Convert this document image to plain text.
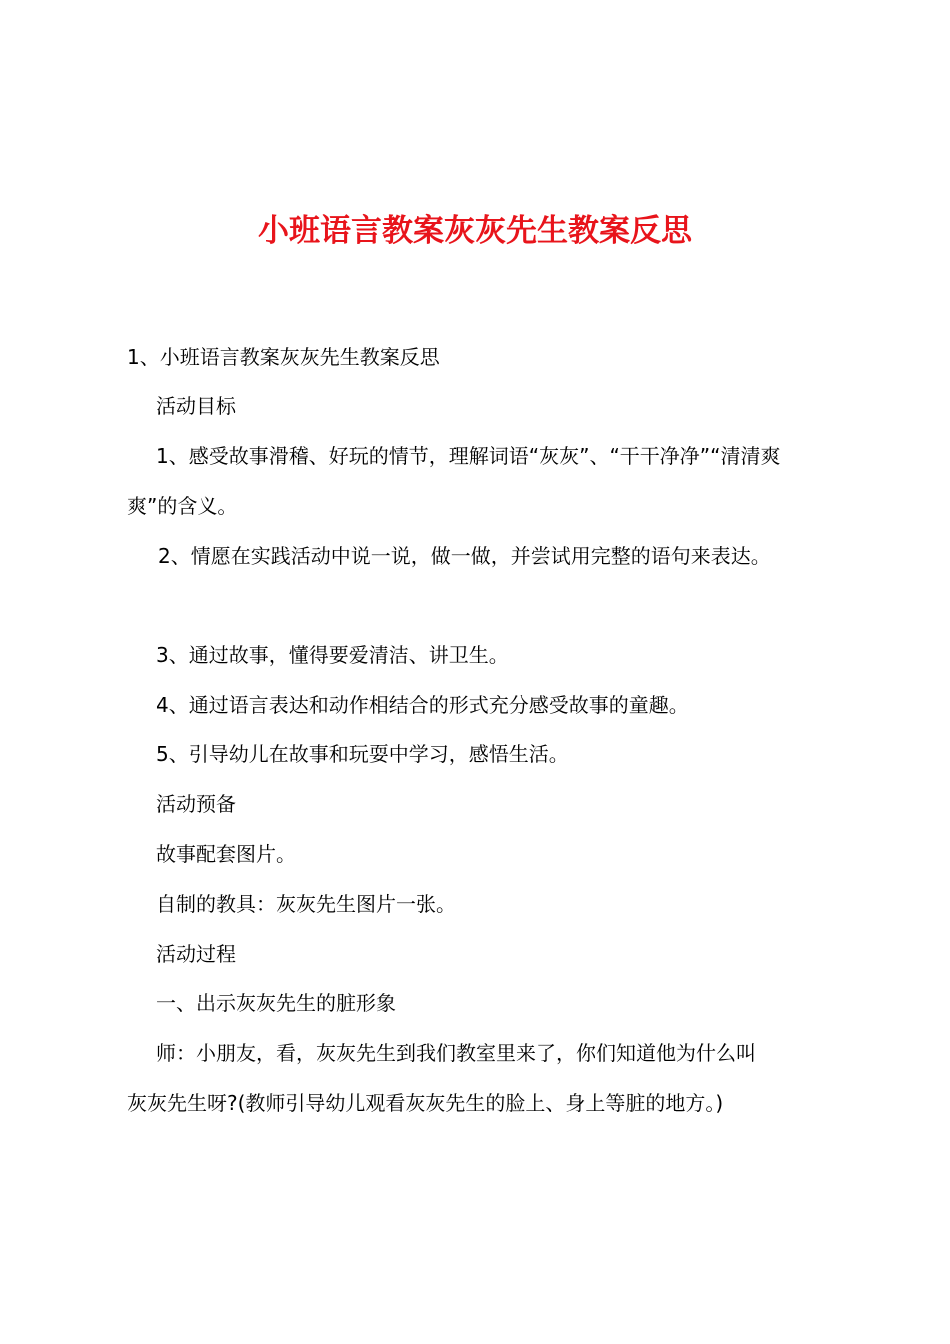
小班语言教案灰灰先生教案反思

1、小班语言教案灰灰先生教案反思

活动目标

1、感受故事滑稽、好玩的情节，理解词语“灰灰”、“干干净净”“清清爽

爽”的含义。

2、情愿在实践活动中说一说，做一做，并尝试用完整的语句来表达。

3、通过故事，懂得要爱清洁、讲卫生。

4、通过语言表达和动作相结合的形式充分感受故事的童趣。

5、引导幼儿在故事和玩耍中学习，感悟生活。

活动预备

故事配套图片。

自制的教具：灰灰先生图片一张。

活动过程

一、出示灰灰先生的脏形象

师：小朋友，看，灰灰先生到我们教室里来了，你们知道他为什么叫

灰灰先生呀?(教师引导幼儿观看灰灰先生的脸上、身上等脏的地方。)
